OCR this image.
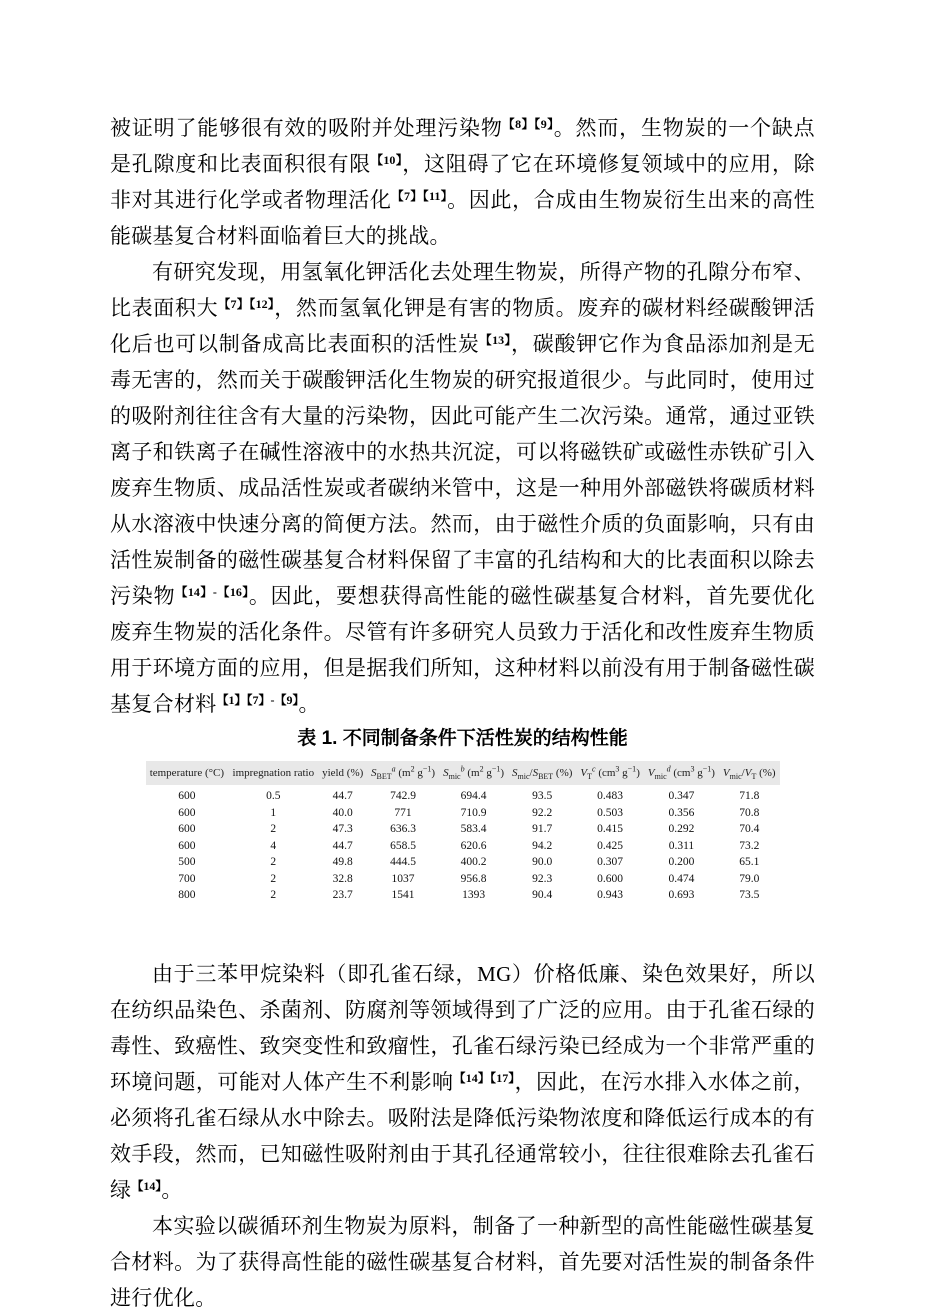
被证明了能够很有效的吸附并处理污染物$^{【8】【9】}$。然而，生物炭的一个缺点是孔隙度和比表面积很有限$^{【10】}$，这阻碍了它在环境修复领域中的应用，除非对其进行化学或者物理活化$^{【7】【11】}$。因此，合成由生物炭衍生出来的高性能碳基复合材料面临着巨大的挑战。

有研究发现，用氢氧化钾活化去处理生物炭，所得产物的孔隙分布窄、比表面积大$^{【7】【12】}$，然而氢氧化钾是有害的物质。废弃的碳材料经碳酸钾活化后也可以制备成高比表面积的活性炭$^{【13】}$，碳酸钾它作为食品添加剂是无毒无害的，然而关于碳酸钾活化生物炭的研究报道很少。与此同时，使用过的吸附剂往往含有大量的污染物，因此可能产生二次污染。通常，通过亚铁离子和铁离子在碱性溶液中的水热共沉淀，可以将磁铁矿或磁性赤铁矿引入废弃生物质、成品活性炭或者碳纳米管中，这是一种用外部磁铁将碳质材料从水溶液中快速分离的简便方法。然而，由于磁性介质的负面影响，只有由活性炭制备的磁性碳基复合材料保留了丰富的孔结构和大的比表面积以除去污染物$^{【14】-【16】}$。因此，要想获得高性能的磁性碳基复合材料，首先要优化废弃生物炭的活化条件。尽管有许多研究人员致力于活化和改性废弃生物质用于环境方面的应用，但是据我们所知，这种材料以前没有用于制备磁性碳基复合材料$^{【1】【7】-【9】}$。

表 1. 不同制备条件下活性炭的结构性能
temperature (°C)	impregnation ratio	yield (%)	$S_{BET}^a$ ($m^2$ $g^{-1}$)	$S_{mic}^b$ ($m^2$ $g^{-1}$)	$S_{mic}/S_{BET}$ (%)	$V_T^c$ ($cm^3$ $g^{-1}$)	$V_{mic}^d$ ($cm^3$ $g^{-1}$)	$V_{mic}/V_T$ (%)
600	0.5	44.7	742.9	694.4	93.5	0.483	0.347	71.8
600	1	40.0	771	710.9	92.2	0.503	0.356	70.8
600	2	47.3	636.3	583.4	91.7	0.415	0.292	70.4
600	4	44.7	658.5	620.6	94.2	0.425	0.311	73.2
500	2	49.8	444.5	400.2	90.0	0.307	0.200	65.1
700	2	32.8	1037	956.8	92.3	0.600	0.474	79.0
800	2	23.7	1541	1393	90.4	0.943	0.693	73.5

由于三苯甲烷染料（即孔雀石绿，MG）价格低廉、染色效果好，所以在纺织品染色、杀菌剂、防腐剂等领域得到了广泛的应用。由于孔雀石绿的毒性、致癌性、致突变性和致瘤性，孔雀石绿污染已经成为一个非常严重的环境问题，可能对人体产生不利影响$^{【14】【17】}$，因此，在污水排入水体之前，必须将孔雀石绿从水中除去。吸附法是降低污染物浓度和降低运行成本的有效手段，然而，已知磁性吸附剂由于其孔径通常较小，往往很难除去孔雀石绿$^{【14】}$。

本实验以碳循环剂生物炭为原料，制备了一种新型的高性能磁性碳基复合材料。为了获得高性能的磁性碳基复合材料，首先要对活性炭的制备条件进行优化。
